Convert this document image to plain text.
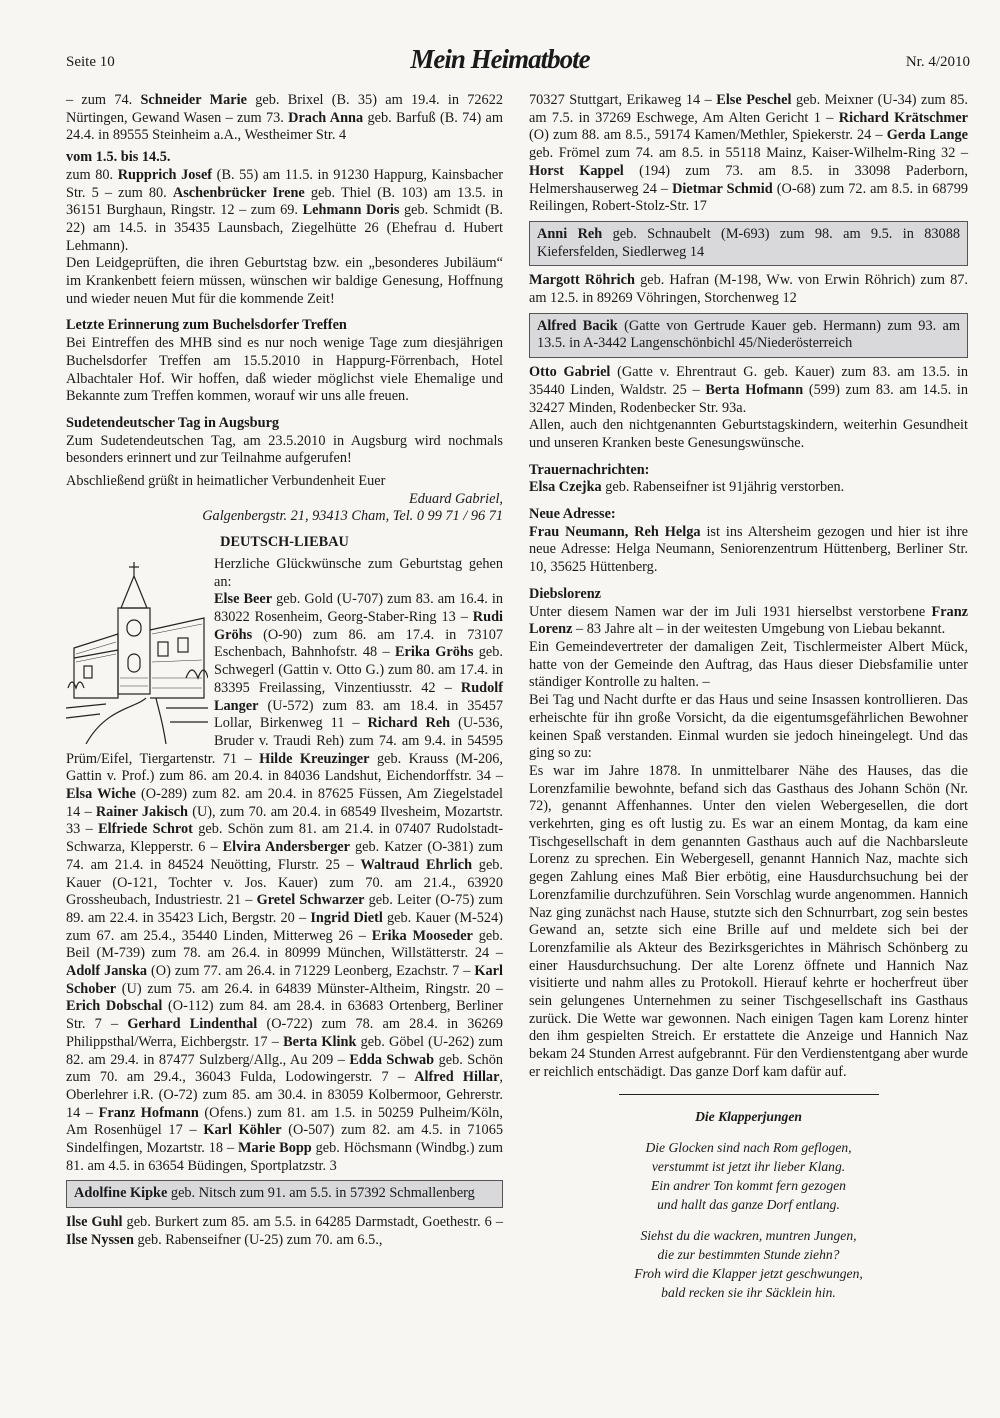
Seite 10	Mein Heimatbote	Nr. 4/2010

– zum 74. Schneider Marie geb. Brixel (B. 35) am 19.4. in 72622 Nürtingen, Gewand Wasen – zum 73. Drach Anna geb. Barfuß (B. 74) am 24.4. in 89555 Steinheim a.A., Westheimer Str. 4

vom 1.5. bis 14.5.

zum 80. Rupprich Josef (B. 55) am 11.5. in 91230 Happurg, Kainsbacher Str. 5 – zum 80. Aschenbrücker Irene geb. Thiel (B. 103) am 13.5. in 36151 Burghaun, Ringstr. 12 – zum 69. Lehmann Doris geb. Schmidt (B. 22) am 14.5. in 35435 Launsbach, Ziegelhütte 26 (Ehefrau d. Hubert Lehmann).

Den Leidgeprüften, die ihren Geburtstag bzw. ein „besonderes Jubiläum“ im Krankenbett feiern müssen, wünschen wir baldige Genesung, Hoffnung und wieder neuen Mut für die kommende Zeit!

Letzte Erinnerung zum Buchelsdorfer Treffen

Bei Eintreffen des MHB sind es nur noch wenige Tage zum diesjährigen Buchelsdorfer Treffen am 15.5.2010 in Happurg-Förrenbach, Hotel Albachtaler Hof. Wir hoffen, daß wieder möglichst viele Ehemalige und Bekannte zum Treffen kommen, worauf wir uns alle freuen.

Sudetendeutscher Tag in Augsburg

Zum Sudetendeutschen Tag, am 23.5.2010 in Augsburg wird nochmals besonders erinnert und zur Teilnahme aufgerufen!

Abschließend grüßt in heimatlicher Verbundenheit Euer

Eduard Gabriel,

Galgenbergstr. 21, 93413 Cham, Tel. 0 99 71 / 96 71

DEUTSCH-LIEBAU

Herzliche Glückwünsche zum Geburtstag gehen an:

Else Beer geb. Gold (U-707) zum 83. am 16.4. in 83022 Rosenheim, Georg-Staber-Ring 13 – Rudi Gröhs (O-90) zum 86. am 17.4. in 73107 Eschenbach, Bahnhofstr. 48 – Erika Gröhs geb. Schwegerl (Gattin v. Otto G.) zum 80. am 17.4. in 83395 Freilassing, Vinzentiusstr. 42 – Rudolf Langer (U-572) zum 83. am 18.4. in 35457 Lollar, Birkenweg 11 – Richard Reh (U-536, Bruder v. Traudi Reh) zum 74. am 9.4. in 54595 Prüm/Eifel, Tiergartenstr. 71 – Hilde Kreuzinger geb. Krauss (M-206, Gattin v. Prof.) zum 86. am 20.4. in 84036 Landshut, Eichendorffstr. 34 – Elsa Wiche (O-289) zum 82. am 20.4. in 87625 Füssen, Am Ziegelstadel 14 – Rainer Jakisch (U), zum 70. am 20.4. in 68549 Ilvesheim, Mozartstr. 33 – Elfriede Schrot geb. Schön zum 81. am 21.4. in 07407 Rudolstadt-Schwarza, Klepperstr. 6 – Elvira Andersberger geb. Katzer (O-381) zum 74. am 21.4. in 84524 Neuötting, Flurstr. 25 – Waltraud Ehrlich geb. Kauer (O-121, Tochter v. Jos. Kauer) zum 70. am 21.4., 63920 Grossheubach, Industriestr. 21 – Gretel Schwarzer geb. Leiter (O-75) zum 89. am 22.4. in 35423 Lich, Bergstr. 20 – Ingrid Dietl geb. Kauer (M-524) zum 67. am 25.4., 35440 Linden, Mitterweg 26 – Erika Mooseder geb. Beil (M-739) zum 78. am 26.4. in 80999 München, Willstätterstr. 24 – Adolf Janska (O) zum 77. am 26.4. in 71229 Leonberg, Ezachstr. 7 – Karl Schober (U) zum 75. am 26.4. in 64839 Münster-Altheim, Ringstr. 20 – Erich Dobschal (O-112) zum 84. am 28.4. in 63683 Ortenberg, Berliner Str. 7 – Gerhard Lindenthal (O-722) zum 78. am 28.4. in 36269 Philippsthal/Werra, Eichbergstr. 17 – Berta Klink geb. Göbel (U-262) zum 82. am 29.4. in 87477 Sulzberg/Allg., Au 209 – Edda Schwab geb. Schön zum 70. am 29.4., 36043 Fulda, Lodowingerstr. 7 – Alfred Hillar, Oberlehrer i.R. (O-72) zum 85. am 30.4. in 83059 Kolbermoor, Gehrerstr. 14 – Franz Hofmann (Ofens.) zum 81. am 1.5. in 50259 Pulheim/Köln, Am Rosenhügel 17 – Karl Köhler (O-507) zum 82. am 4.5. in 71065 Sindelfingen, Mozartstr. 18 – Marie Bopp geb. Höchsmann (Windbg.) zum 81. am 4.5. in 63654 Büdingen, Sportplatzstr. 3

Adolfine Kipke geb. Nitsch zum 91. am 5.5. in 57392 Schmallenberg

Ilse Guhl geb. Burkert zum 85. am 5.5. in 64285 Darmstadt, Goethestr. 6 – Ilse Nyssen geb. Rabenseifner (U-25) zum 70. am 6.5.,

70327 Stuttgart, Erikaweg 14 – Else Peschel geb. Meixner (U-34) zum 85. am 7.5. in 37269 Eschwege, Am Alten Gericht 1 – Richard Krätschmer (O) zum 88. am 8.5., 59174 Kamen/Methler, Spiekerstr. 24 – Gerda Lange geb. Frömel zum 74. am 8.5. in 55118 Mainz, Kaiser-Wilhelm-Ring 32 – Horst Kappel (194) zum 73. am 8.5. in 33098 Paderborn, Helmershauserweg 24 – Dietmar Schmid (O-68) zum 72. am 8.5. in 68799 Reilingen, Robert-Stolz-Str. 17

Anni Reh geb. Schnaubelt (M-693) zum 98. am 9.5. in 83088 Kiefersfelden, Siedlerweg 14

Margott Röhrich geb. Hafran (M-198, Ww. von Erwin Röhrich) zum 87. am 12.5. in 89269 Vöhringen, Storchenweg 12

Alfred Bacik (Gatte von Gertrude Kauer geb. Hermann) zum 93. am 13.5. in A-3442 Langenschönbichl 45/Niederösterreich

Otto Gabriel (Gatte v. Ehrentraut G. geb. Kauer) zum 83. am 13.5. in 35440 Linden, Waldstr. 25 – Berta Hofmann (599) zum 83. am 14.5. in 32427 Minden, Rodenbecker Str. 93a.

Allen, auch den nichtgenannten Geburtstagskindern, weiterhin Gesundheit und unseren Kranken beste Genesungswünsche.

Trauernachrichten:

Elsa Czejka geb. Rabenseifner ist 91jährig verstorben.

Neue Adresse:

Frau Neumann, Reh Helga ist ins Altersheim gezogen und hier ist ihre neue Adresse: Helga Neumann, Seniorenzentrum Hüttenberg, Berliner Str. 10, 35625 Hüttenberg.

Diebslorenz

Unter diesem Namen war der im Juli 1931 hierselbst verstorbene Franz Lorenz – 83 Jahre alt – in der weitesten Umgebung von Liebau bekannt.

Ein Gemeindevertreter der damaligen Zeit, Tischlermeister Albert Mück, hatte von der Gemeinde den Auftrag, das Haus dieser Diebsfamilie unter ständiger Kontrolle zu halten. –

Bei Tag und Nacht durfte er das Haus und seine Insassen kontrollieren. Das erheischte für ihn große Vorsicht, da die eigentumsgefährlichen Bewohner keinen Spaß verstanden. Einmal wurden sie jedoch hineingelegt. Und das ging so zu:

Es war im Jahre 1878. In unmittelbarer Nähe des Hauses, das die Lorenzfamilie bewohnte, befand sich das Gasthaus des Johann Schön (Nr. 72), genannt Affenhannes. Unter den vielen Webergesellen, die dort verkehrten, ging es oft lustig zu. Es war an einem Montag, da kam eine Tischgesellschaft in dem genannten Gasthaus auch auf die Nachbarsleute Lorenz zu sprechen. Ein Webergesell, genannt Hannich Naz, machte sich gegen Zahlung eines Maß Bier erbötig, eine Hausdurchsuchung bei der Lorenzfamilie durchzuführen. Sein Vorschlag wurde angenommen. Hannich Naz ging zunächst nach Hause, stutzte sich den Schnurrbart, zog sein bestes Gewand an, setzte sich eine Brille auf und meldete sich bei der Lorenzfamilie als Akteur des Bezirksgerichtes in Mährisch Schönberg zu einer Hausdurchsuchung. Der alte Lorenz öffnete und Hannich Naz visitierte und nahm alles zu Protokoll. Hierauf kehrte er hocherfreut über sein gelungenes Unternehmen zu seiner Tischgesellschaft ins Gasthaus zurück. Die Wette war gewonnen. Nach einigen Tagen kam Lorenz hinter den ihm gespielten Streich. Er erstattete die Anzeige und Hannich Naz bekam 24 Stunden Arrest aufgebrannt. Für den Verdienstentgang aber wurde er reichlich entschädigt. Das ganze Dorf kam dafür auf.

Die Klapperjungen
Die Glocken sind nach Rom geflogen,
verstummt ist jetzt ihr lieber Klang.
Ein andrer Ton kommt fern gezogen
und hallt das ganze Dorf entlang.
Siehst du die wackren, muntren Jungen,
die zur bestimmten Stunde ziehn?
Froh wird die Klapper jetzt geschwungen,
bald recken sie ihr Säcklein hin.
